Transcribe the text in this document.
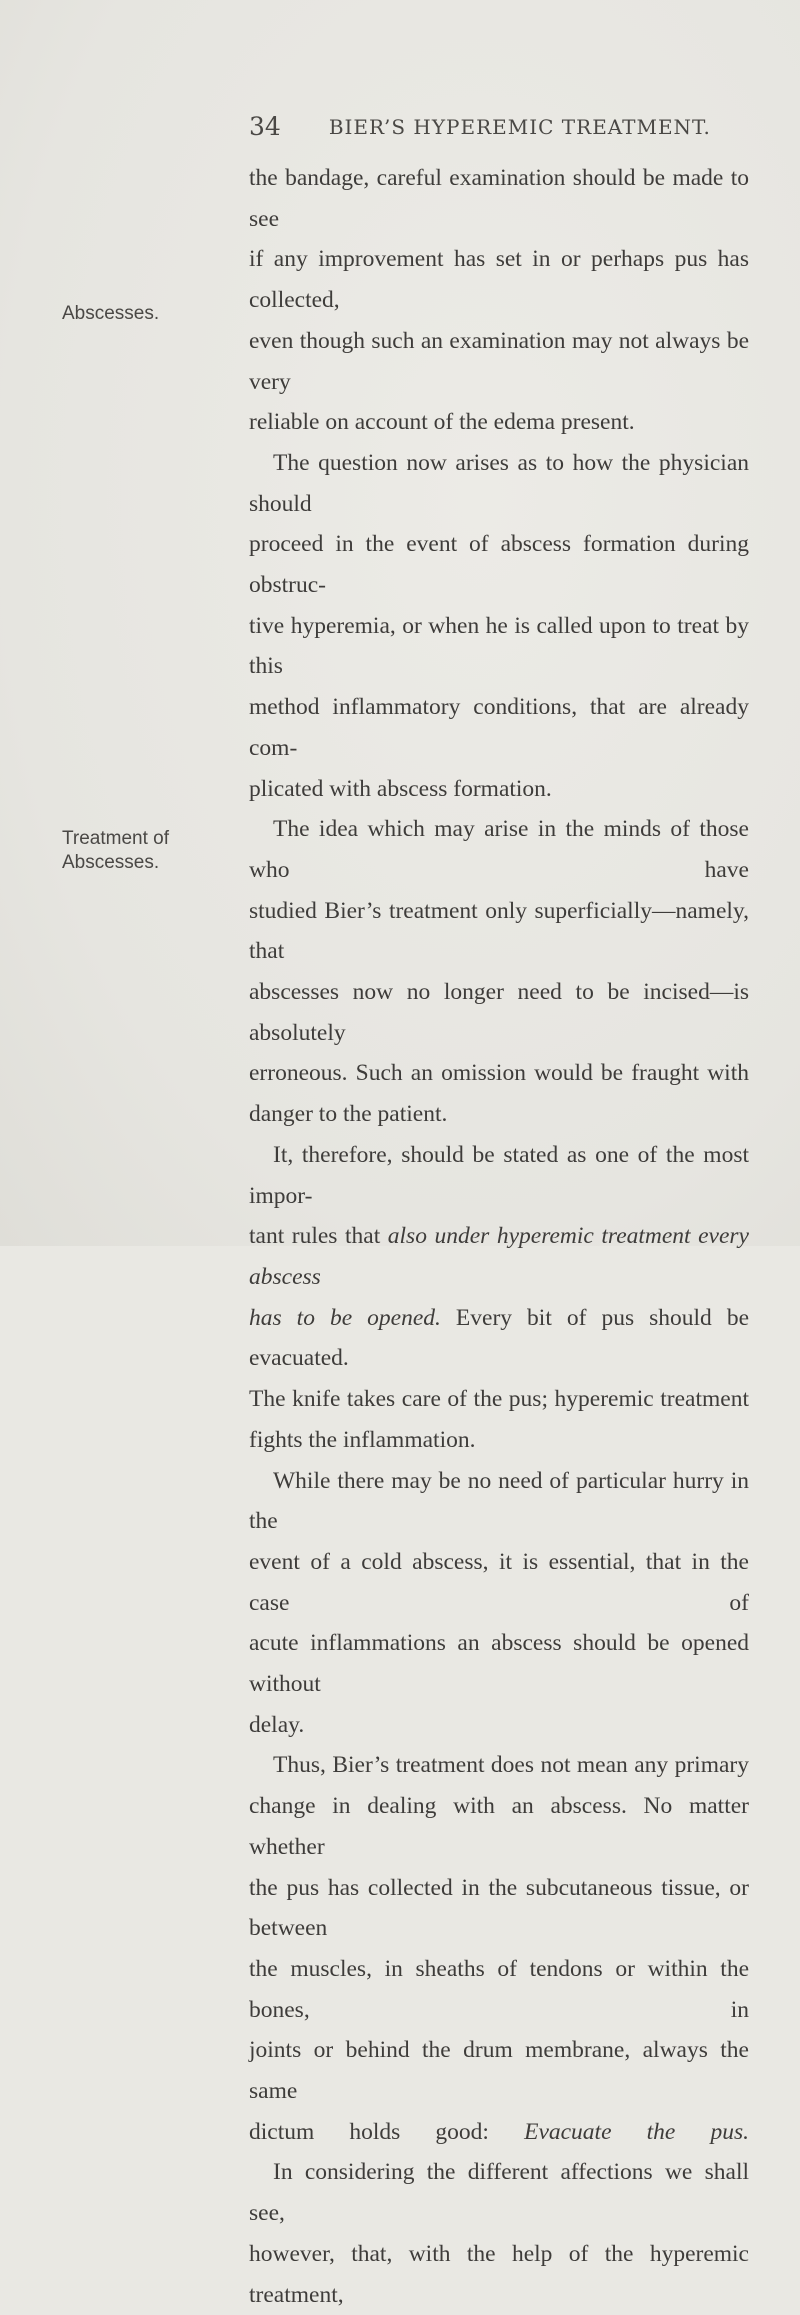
34 BIER’S HYPEREMIC TREATMENT.
Abscesses.
Treatment of Abscesses.

the bandage, careful examination should be made to see
if any improvement has set in or perhaps pus has collected,
even though such an examination may not always be very
reliable on account of the edema present.

The question now arises as to how the physician should
proceed in the event of abscess formation during obstruc-
tive hyperemia, or when he is called upon to treat by this
method inflammatory conditions, that are already com-
plicated with abscess formation.

The idea which may arise in the minds of those who have
studied Bier’s treatment only superficially—namely, that
abscesses now no longer need to be incised—is absolutely
erroneous. Such an omission would be fraught with
danger to the patient.

It, therefore, should be stated as one of the most impor-
tant rules that also under hyperemic treatment every abscess
has to be opened. Every bit of pus should be evacuated.
The knife takes care of the pus; hyperemic treatment
fights the inflammation.

While there may be no need of particular hurry in the
event of a cold abscess, it is essential, that in the case of
acute inflammations an abscess should be opened without
delay.

Thus, Bier’s treatment does not mean any primary
change in dealing with an abscess. No matter whether
the pus has collected in the subcutaneous tissue, or between
the muscles, in sheaths of tendons or within the bones, in
joints or behind the drum membrane, always the same
dictum holds good: Evacuate the pus.

In considering the different affections we shall see,
however, that, with the help of the hyperemic treatment,
